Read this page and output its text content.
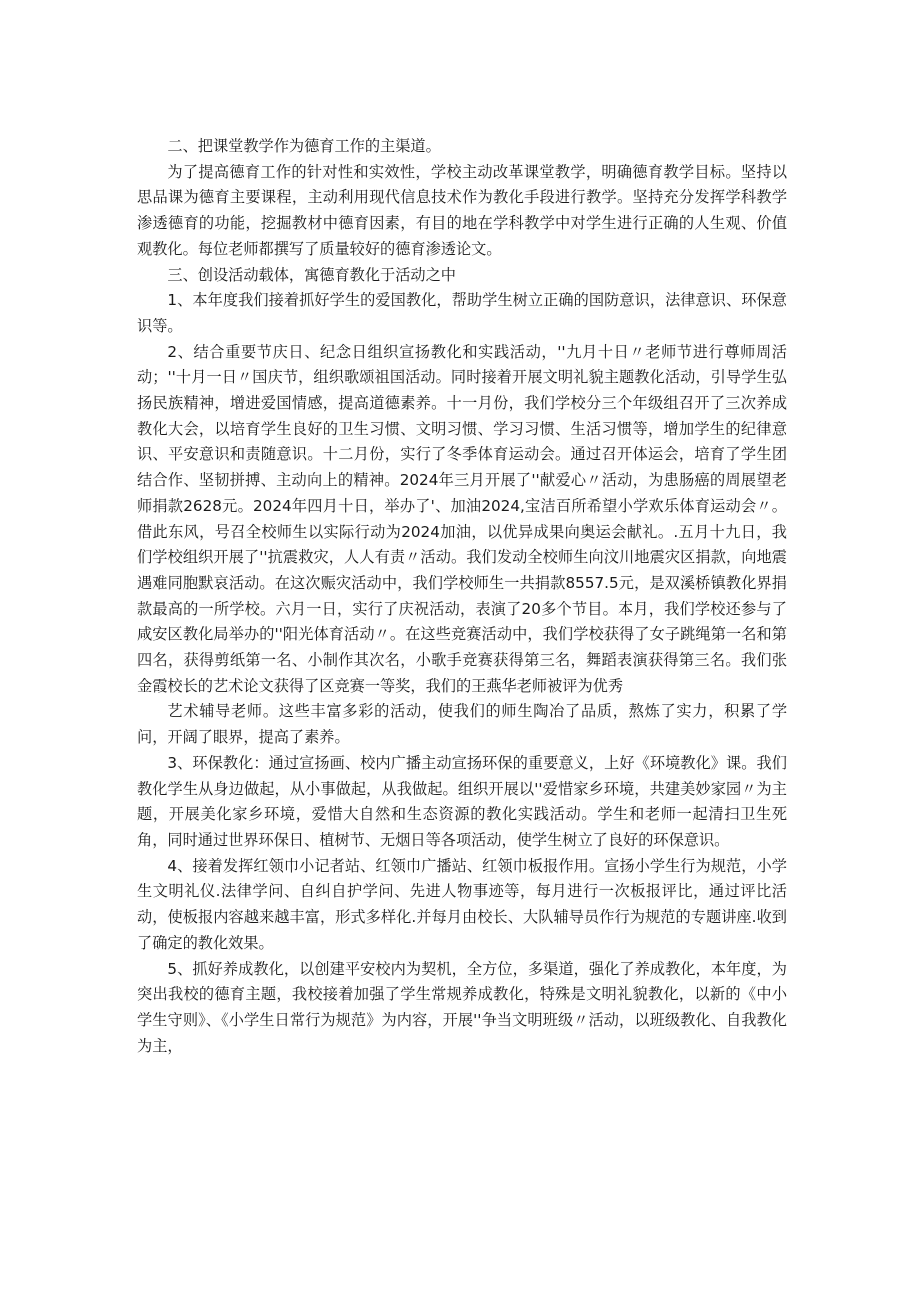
二、把课堂教学作为德育工作的主渠道。

为了提高德育工作的针对性和实效性，学校主动改革课堂教学，明确德育教学目标。坚持以思品课为德育主要课程，主动利用现代信息技术作为教化手段进行教学。坚持充分发挥学科教学渗透德育的功能，挖掘教材中德育因素，有目的地在学科教学中对学生进行正确的人生观、价值观教化。每位老师都撰写了质量较好的德育渗透论文。

三、创设活动载体，寓德育教化于活动之中

1、本年度我们接着抓好学生的爱国教化，帮助学生树立正确的国防意识，法律意识、环保意识等。

2、结合重要节庆日、纪念日组织宣扬教化和实践活动，''九月十日〃老师节进行尊师周活动；''十月一日〃国庆节，组织歌颂祖国活动。同时接着开展文明礼貌主题教化活动，引导学生弘扬民族精神，增进爱国情感，提高道德素养。十一月份，我们学校分三个年级组召开了三次养成教化大会，以培育学生良好的卫生习惯、文明习惯、学习习惯、生活习惯等，增加学生的纪律意识、平安意识和责随意识。十二月份，实行了冬季体育运动会。通过召开体运会，培育了学生团结合作、坚韧拼搏、主动向上的精神。2024年三月开展了''献爱心〃活动，为患肠癌的周展望老师捐款2628元。2024年四月十日，举办了'、加油2024,宝洁百所希望小学欢乐体育运动会〃。借此东风，号召全校师生以实际行动为2024加油，以优异成果向奥运会献礼。.五月十九日，我们学校组织开展了''抗震救灾，人人有责〃活动。我们发动全校师生向汶川地震灾区捐款，向地震遇难同胞默哀活动。在这次赈灾活动中，我们学校师生一共捐款8557.5元，是双溪桥镇教化界捐款最高的一所学校。六月一日，实行了庆祝活动，表演了20多个节目。本月，我们学校还参与了咸安区教化局举办的''阳光体育活动〃。在这些竞赛活动中，我们学校获得了女子跳绳第一名和第四名，获得剪纸第一名、小制作其次名，小歌手竞赛获得第三名，舞蹈表演获得第三名。我们张金霞校长的艺术论文获得了区竞赛一等奖，我们的王燕华老师被评为优秀

艺术辅导老师。这些丰富多彩的活动，使我们的师生陶冶了品质，熬炼了实力，积累了学问，开阔了眼界，提高了素养。

3、环保教化：通过宣扬画、校内广播主动宣扬环保的重要意义，上好《环境教化》课。我们教化学生从身边做起，从小事做起，从我做起。组织开展以''爱惜家乡环境，共建美妙家园〃为主题，开展美化家乡环境，爱惜大自然和生态资源的教化实践活动。学生和老师一起清扫卫生死角，同时通过世界环保日、植树节、无烟日等各项活动，使学生树立了良好的环保意识。

4、接着发挥红领巾小记者站、红领巾广播站、红领巾板报作用。宣扬小学生行为规范，小学生文明礼仪.法律学问、自纠自护学问、先进人物事迹等，每月进行一次板报评比，通过评比活动，使板报内容越来越丰富，形式多样化.并每月由校长、大队辅导员作行为规范的专题讲座.收到了确定的教化效果。

5、抓好养成教化，以创建平安校内为契机，全方位，多渠道，强化了养成教化，本年度，为突出我校的德育主题，我校接着加强了学生常规养成教化，特殊是文明礼貌教化，以新的《中小学生守则》、《小学生日常行为规范》为内容，开展''争当文明班级〃活动，以班级教化、自我教化为主，
